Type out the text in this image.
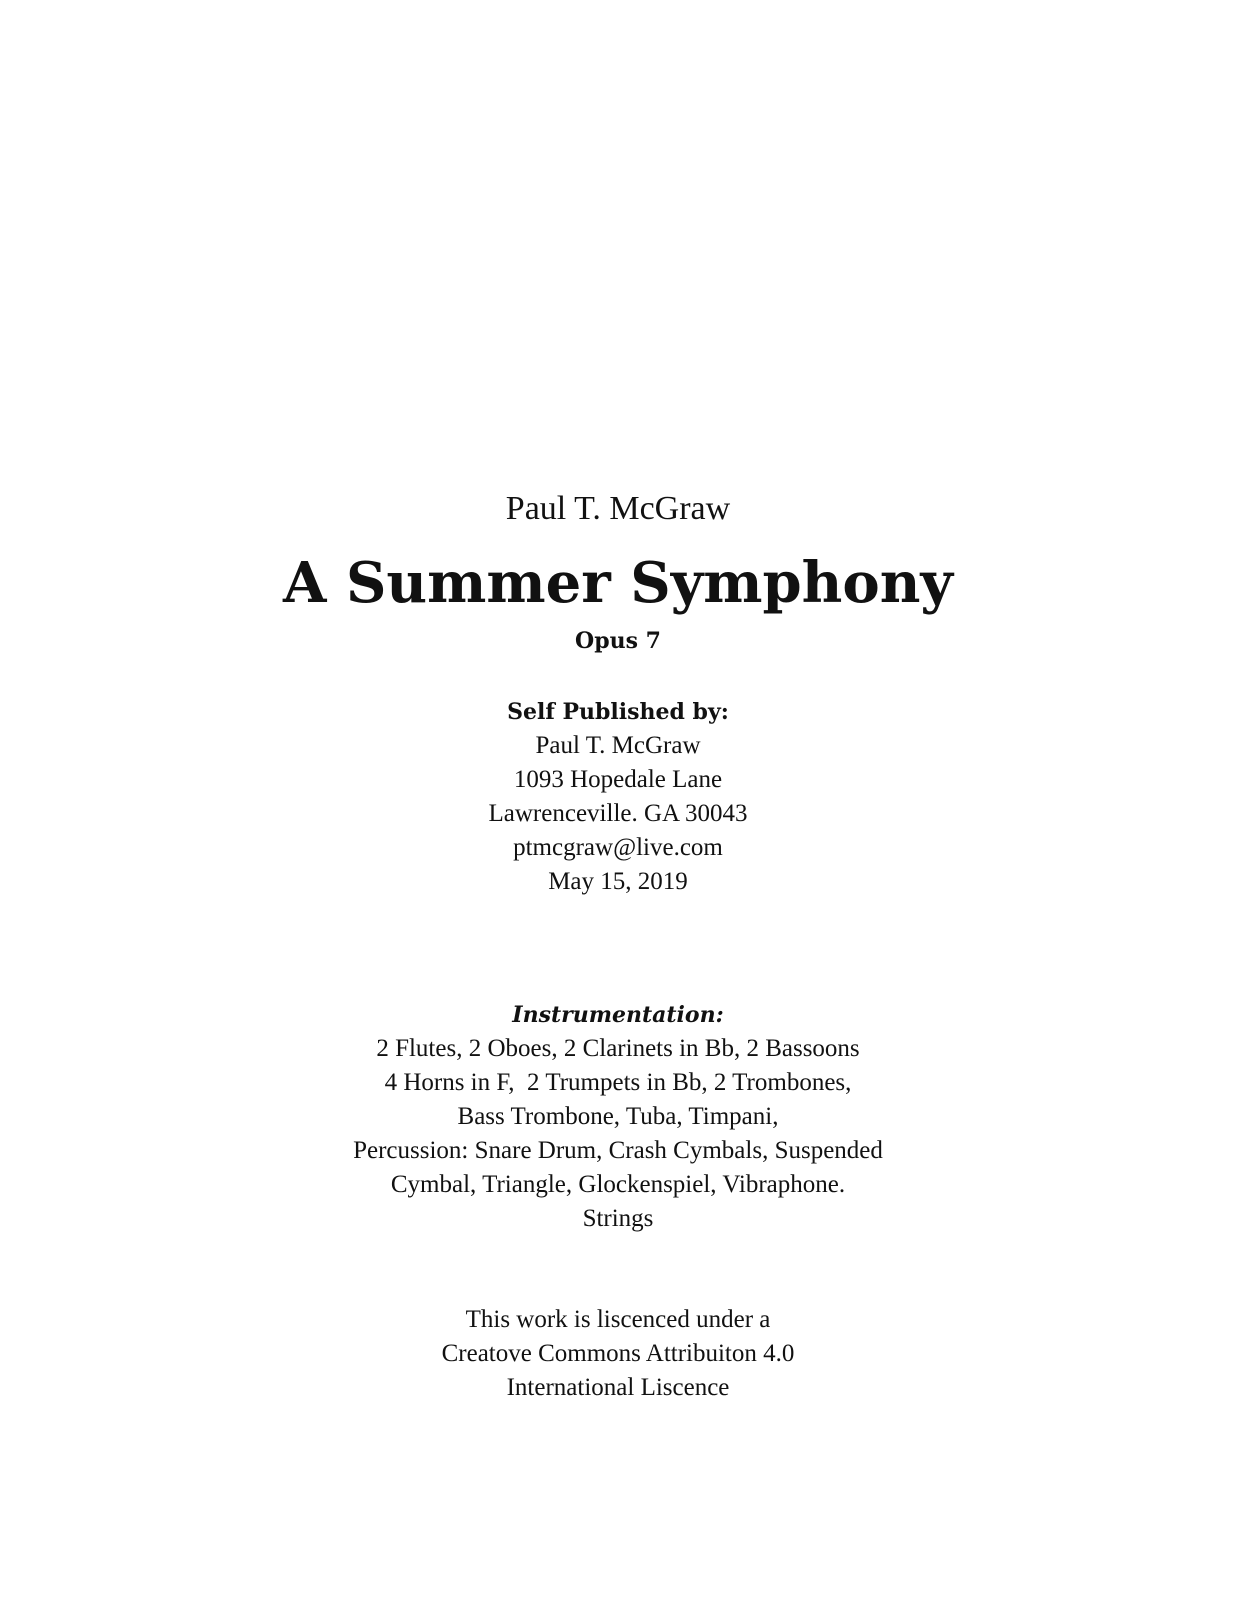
Paul T. McGraw
A Summer Symphony
Opus 7
Self Published by:
Paul T. McGraw
1093 Hopedale Lane
Lawrenceville. GA 30043
ptmcgraw@live.com
May 15, 2019
Instrumentation:
2 Flutes, 2 Oboes, 2 Clarinets in Bb, 2 Bassoons
4 Horns in F,  2 Trumpets in Bb, 2 Trombones,
Bass Trombone, Tuba, Timpani,
Percussion: Snare Drum, Crash Cymbals, Suspended
Cymbal, Triangle, Glockenspiel, Vibraphone.
Strings
This work is liscenced under a
Creatove Commons Attribuiton 4.0
International Liscence
